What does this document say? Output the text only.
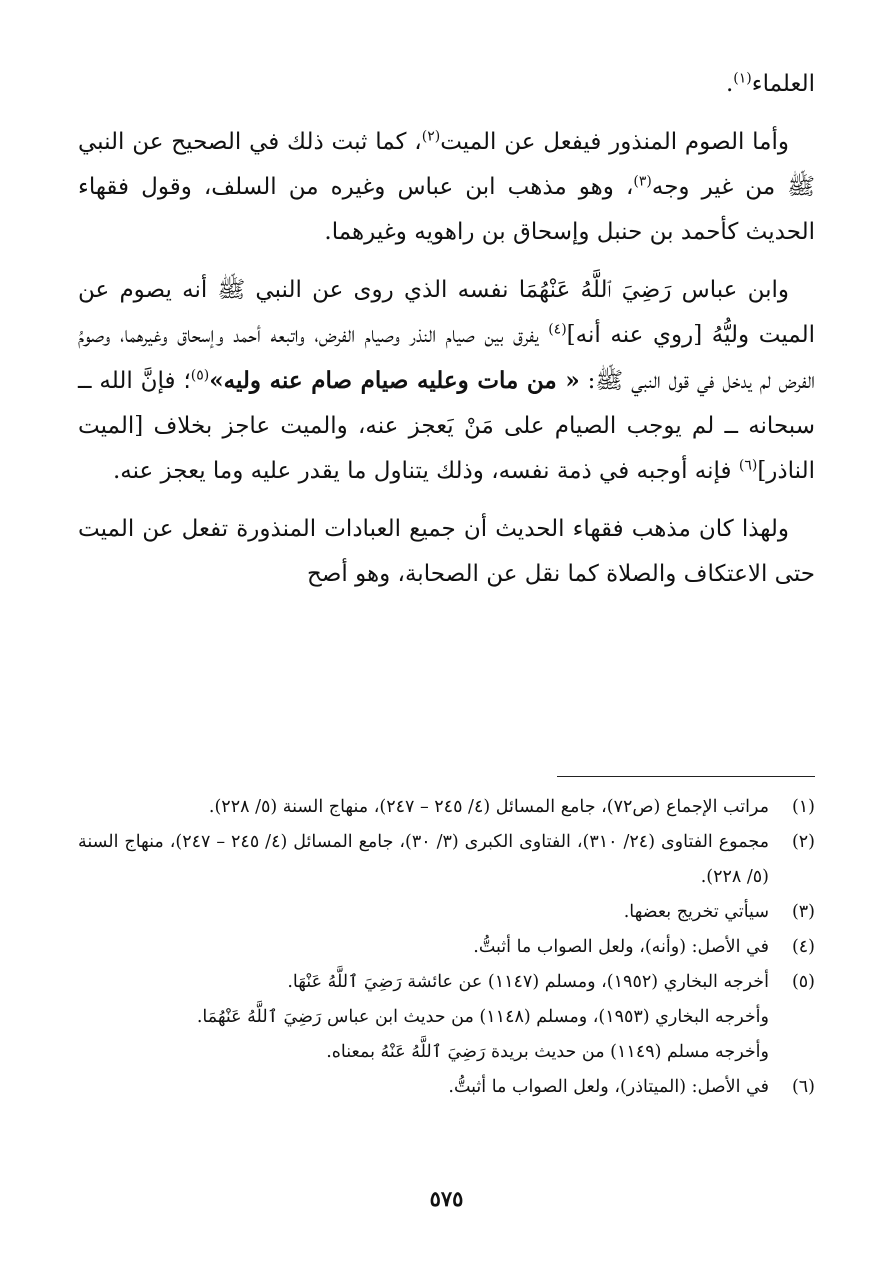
العلماء$^{(١)}$.

وأما الصوم المنذور فيفعل عن الميت$^{(٢)}$، كما ثبت ذلك في الصحيح عن النبي ﷺ من غير وجه$^{(٣)}$، وهو مذهب ابن عباس وغيره من السلف، وقول فقهاء الحديث كأحمد بن حنبل وإسحاق بن راهويه وغيرهما.

وابن عباس رَضِيَ ٱللَّهُ عَنْهُمَا نفسه الذي روى عن النبي ﷺ أنه يصوم عن الميت وليُّهُ [روي عنه أنه]$^{(٤)}$ يفرق بين صيام النذر وصيام الفرض، واتبعه أحمد وإسحاق وغيرهما، وصومُ الفرض لم يدخل في قول النبي ﷺ: « من مات وعليه صيام صام عنه وليه»$^{(٥)}$؛ فإنَّ الله ــ سبحانه ــ لم يوجب الصيام على مَنْ يَعجز عنه، والميت عاجز بخلاف [الميت الناذر]$^{(٦)}$ فإنه أوجبه في ذمة نفسه، وذلك يتناول ما يقدر عليه وما يعجز عنه.

ولهذا كان مذهب فقهاء الحديث أن جميع العبادات المنذورة تفعل عن الميت حتى الاعتكاف والصلاة كما نقل عن الصحابة، وهو أصح

(١)
مراتب الإجماع (ص٧٢)، جامع المسائل (٤/ ٢٤٥ – ٢٤٧)، منهاج السنة (٥/ ٢٢٨).
(٢)
مجموع الفتاوى (٢٤/ ٣١٠)، الفتاوى الكبرى (٣/ ٣٠)، جامع المسائل (٤/ ٢٤٥ – ٢٤٧)، منهاج السنة (٥/ ٢٢٨).
(٣)
سيأتي تخريج بعضها.
(٤)
في الأصل: (وأنه)، ولعل الصواب ما أثبتُّ.
(٥)
أخرجه البخاري (١٩٥٢)، ومسلم (١١٤٧) عن عائشة رَضِيَ ٱللَّهُ عَنْهَا.
وأخرجه البخاري (١٩٥٣)، ومسلم (١١٤٨) من حديث ابن عباس رَضِيَ ٱللَّهُ عَنْهُمَا.
وأخرجه مسلم (١١٤٩) من حديث بريدة رَضِيَ ٱللَّهُ عَنْهُ بمعناه.
(٦)
في الأصل: (الميتاذر)، ولعل الصواب ما أثبتُّ.
٥٧٥
